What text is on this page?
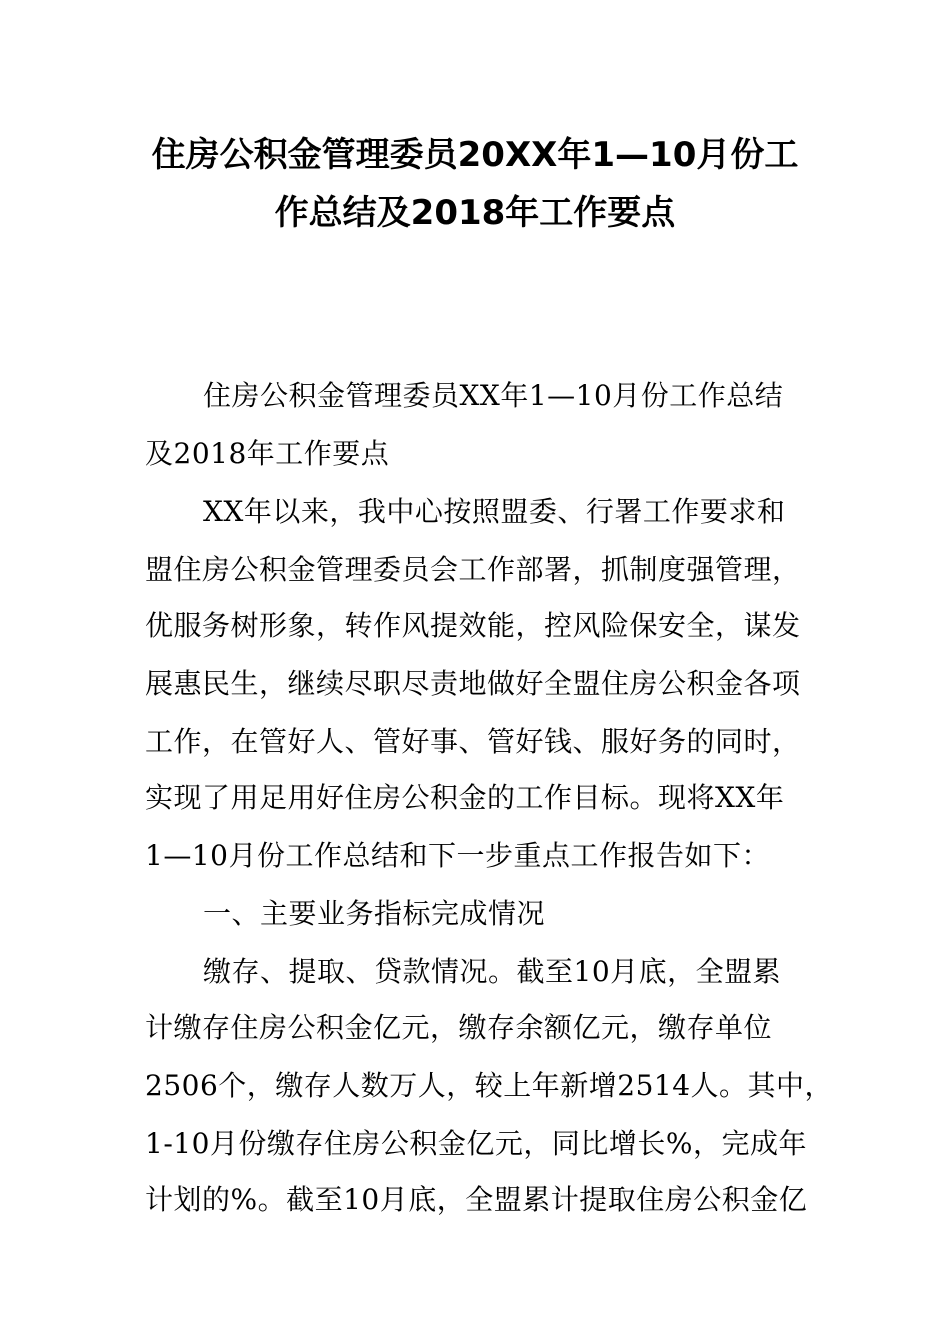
住房公积金管理委员20XX年1—10月份工
作总结及2018年工作要点
住房公积金管理委员XX年1—10月份工作总结
及2018年工作要点
XX年以来，我中心按照盟委、行署工作要求和
盟住房公积金管理委员会工作部署，抓制度强管理，
优服务树形象，转作风提效能，控风险保安全，谋发
展惠民生，继续尽职尽责地做好全盟住房公积金各项
工作，在管好人、管好事、管好钱、服好务的同时，
实现了用足用好住房公积金的工作目标。现将XX年
1—10月份工作总结和下一步重点工作报告如下：
一、主要业务指标完成情况
缴存、提取、贷款情况。截至10月底，全盟累
计缴存住房公积金亿元，缴存余额亿元，缴存单位
2506个，缴存人数万人，较上年新增2514人。其中，
1-10月份缴存住房公积金亿元，同比增长%，完成年
计划的%。截至10月底，全盟累计提取住房公积金亿
